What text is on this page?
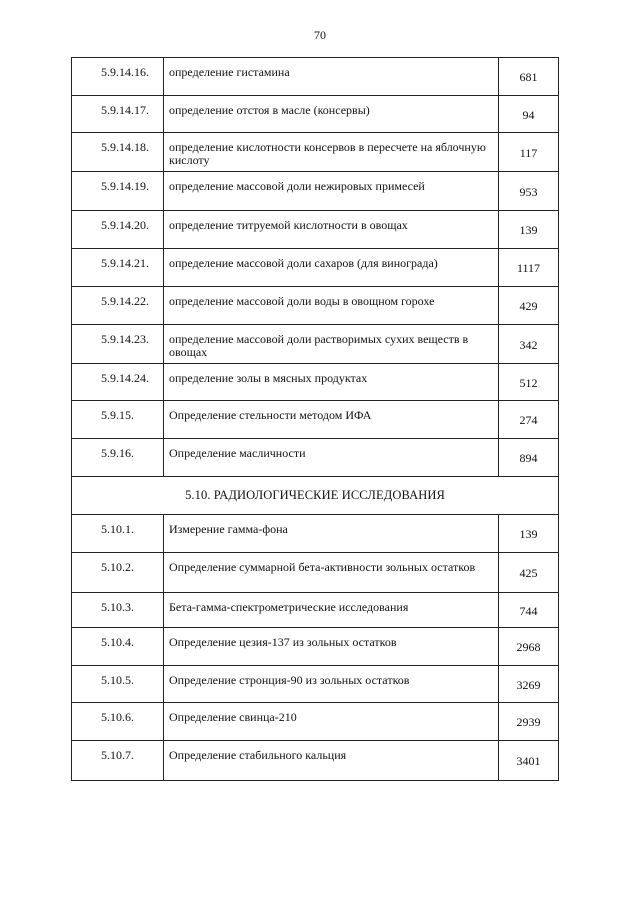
70
5.9.14.16.	определение гистамина	681
5.9.14.17.	определение отстоя в масле (консервы)	94
5.9.14.18.	определение кислотности консервов в пересчете на яблочную кислоту	117
5.9.14.19.	определение массовой доли нежировых примесей	953
5.9.14.20.	определение титруемой кислотности в овощах	139
5.9.14.21.	определение массовой доли сахаров (для винограда)	1117
5.9.14.22.	определение массовой доли воды в овощном горохе	429
5.9.14.23.	определение массовой доли растворимых сухих веществ в овощах	342
5.9.14.24.	определение золы в мясных продуктах	512
5.9.15.	Определение стельности методом ИФА	274
5.9.16.	Определение масличности	894
5.10. РАДИОЛОГИЧЕСКИЕ ИССЛЕДОВАНИЯ		
5.10.1.	Измерение гамма-фона	139
5.10.2.	Определение суммарной бета-активности зольных остатков	425
5.10.3.	Бета-гамма-спектрометрические исследования	744
5.10.4.	Определение цезия-137 из зольных остатков	2968
5.10.5.	Определение стронция-90 из зольных остатков	3269
5.10.6.	Определение свинца-210	2939
5.10.7.	Определение стабильного кальция	3401
